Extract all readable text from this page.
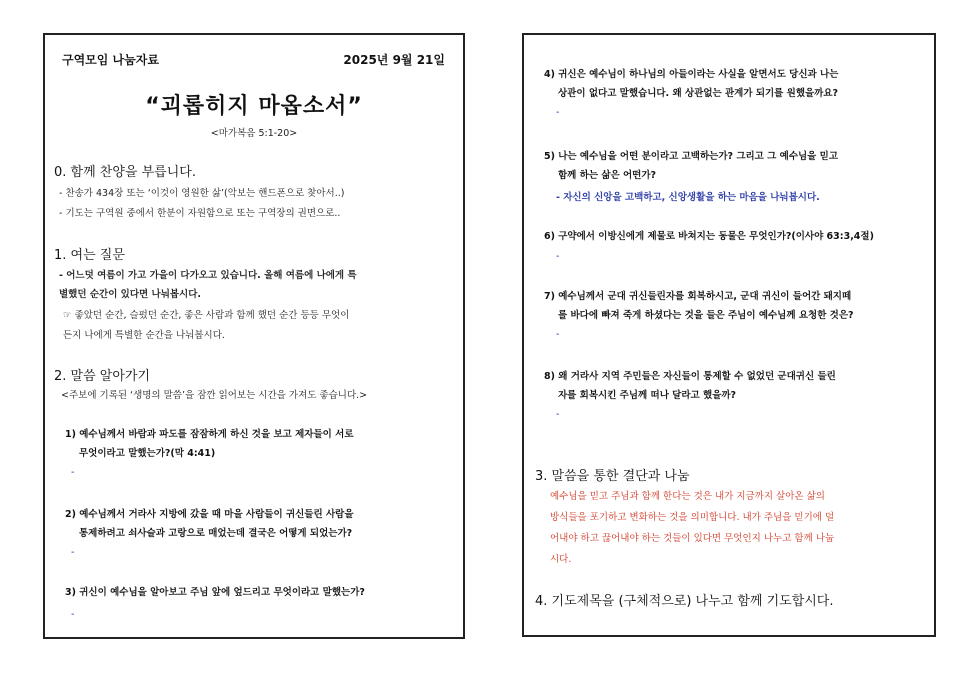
구역모임 나눔자료	2025년 9월 21일
“괴롭히지 마옵소서”
<마가복음 5:1-20>
0. 함께 찬양을 부릅니다.
- 찬송가 434장 또는 ‘이것이 영원한 삶’(악보는 핸드폰으로 찾아서..)
- 기도는 구역원 중에서 한분이 자원함으로 또는 구역장의 권면으로..
1. 여는 질문
- 어느덧 여름이 가고 가을이 다가오고 있습니다. 올해 여름에 나에게 특
별했던 순간이 있다면 나눠봅시다.
☞ 좋았던 순간, 슬펐던 순간, 좋은 사람과 함께 했던 순간 등등 무엇이
든지 나에게 특별한 순간을 나눠봅시다.
2. 말씀 알아가기
<주보에 기록된 ‘생명의 말씀’을 잠깐 읽어보는 시간을 가져도 좋습니다.>
1) 예수님께서 바람과 파도를 잠잠하게 하신 것을 보고 제자들이 서로
무엇이라고 말했는가?(막 4:41)
-
2) 예수님께서 거라사 지방에 갔을 때 마을 사람들이 귀신들린 사람을
통제하려고 쇠사슬과 고랑으로 매었는데 결국은 어떻게 되었는가?
-
3) 귀신이 예수님을 알아보고 주님 앞에 엎드리고 무엇이라고 말했는가?
-
4) 귀신은 예수님이 하나님의 아들이라는 사실을 알면서도 당신과 나는
상관이 없다고 말했습니다. 왜 상관없는 관계가 되기를 원했을까요?
-
5) 나는 예수님을 어떤 분이라고 고백하는가? 그리고 그 예수님을 믿고
함께 하는 삶은 어떤가?
- 자신의 신앙을 고백하고, 신앙생활을 하는 마음을 나눠봅시다.
6) 구약에서 이방신에게 제물로 바쳐지는 동물은 무엇인가?(이사야 63:3,4절)
-
7) 예수님께서 군대 귀신들린자를 회복하시고, 군대 귀신이 들어간 돼지떼
를 바다에 빠져 죽게 하셨다는 것을 들은 주님이 예수님께 요청한 것은?
-
8) 왜 거라사 지역 주민들은 자신들이 통제할 수 없었던 군대귀신 들린
자를 회복시킨 주님께 떠나 달라고 했을까?
-
3. 말씀을 통한 결단과 나눔
예수님을 믿고 주님과 함께 한다는 것은 내가 지금까지 살아온 삶의
방식들을 포기하고 변화하는 것을 의미합니다. 내가 주님을 믿기에 덜
어내야 하고 끊어내야 하는 것들이 있다면 무엇인지 나누고 함께 나눕
시다.
4. 기도제목을 (구체적으로) 나누고 함께 기도합시다.
